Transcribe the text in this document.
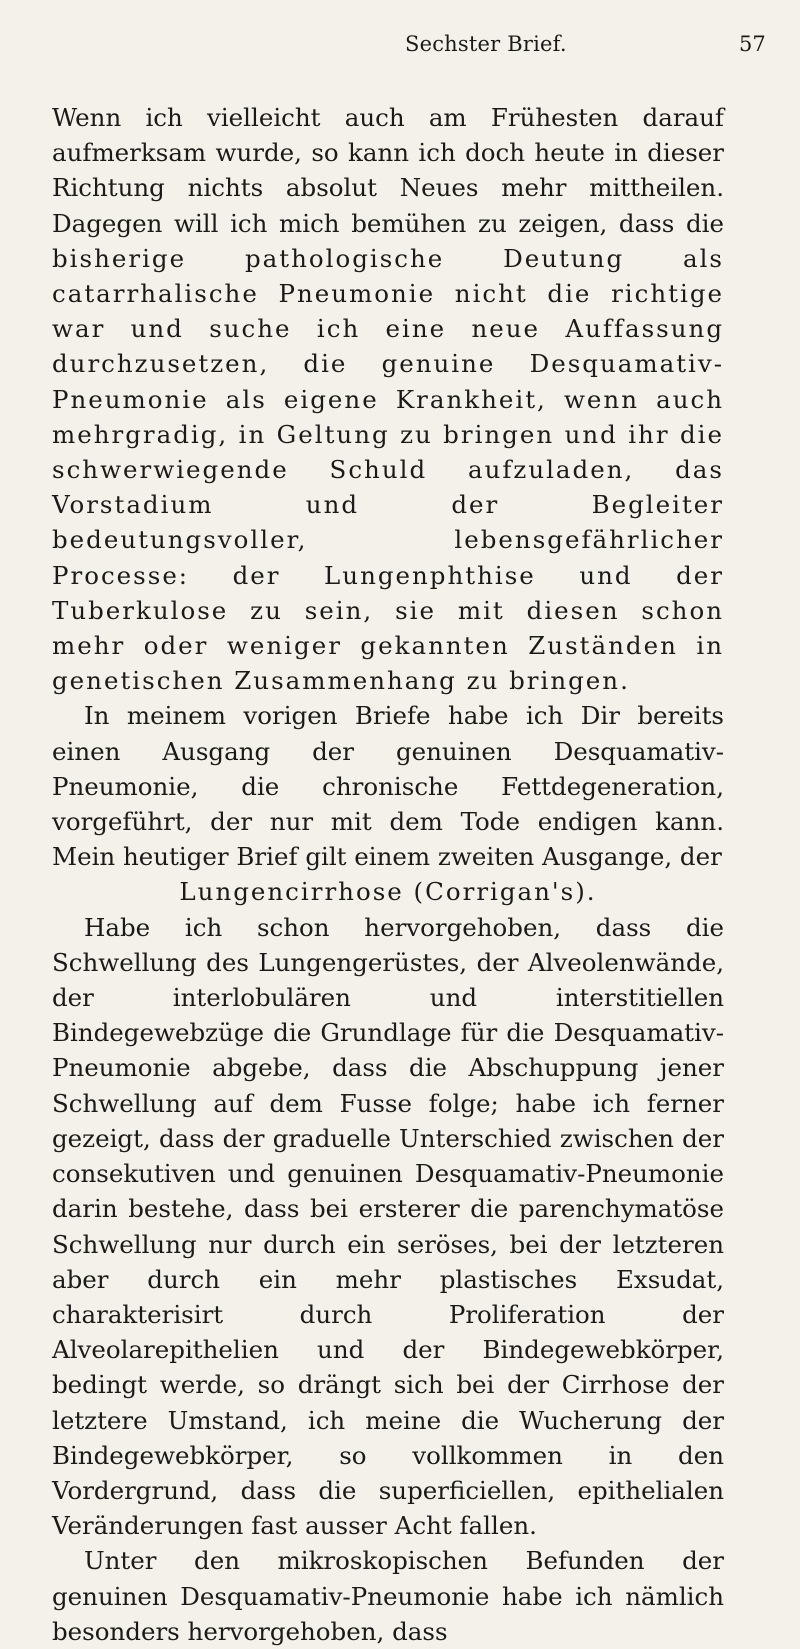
Sechster Brief.	57

Wenn ich vielleicht auch am Frühesten darauf aufmerksam wurde, so kann ich doch heute in dieser Richtung nichts absolut Neues mehr mittheilen. Dagegen will ich mich bemühen zu zeigen, dass die bisherige pathologische Deutung als catarrhalische Pneumonie nicht die richtige war und suche ich eine neue Auffassung durchzusetzen, die genuine Desquamativ-Pneumonie als eigene Krankheit, wenn auch mehrgradig, in Geltung zu bringen und ihr die schwerwiegende Schuld aufzuladen, das Vorstadium und der Begleiter bedeutungsvoller, lebensgefährlicher Processe: der Lungenphthise und der Tuberkulose zu sein, sie mit diesen schon mehr oder weniger gekannten Zuständen in genetischen Zusammenhang zu bringen.

In meinem vorigen Briefe habe ich Dir bereits einen Ausgang der genuinen Desquamativ-Pneumonie, die chronische Fettdegeneration, vorgeführt, der nur mit dem Tode endigen kann. Mein heutiger Brief gilt einem zweiten Ausgange, der
Lungencirrhose (Corrigan's).

Habe ich schon hervorgehoben, dass die Schwellung des Lungengerüstes, der Alveolenwände, der interlobulären und interstitiellen Bindegewebzüge die Grundlage für die Desquamativ-Pneumonie abgebe, dass die Abschuppung jener Schwellung auf dem Fusse folge; habe ich ferner gezeigt, dass der graduelle Unterschied zwischen der consekutiven und genuinen Desquamativ-Pneumonie darin bestehe, dass bei ersterer die parenchymatöse Schwellung nur durch ein seröses, bei der letzteren aber durch ein mehr plastisches Exsudat, charakterisirt durch Proliferation der Alveolarepithelien und der Bindegewebkörper, bedingt werde, so drängt sich bei der Cirrhose der letztere Umstand, ich meine die Wucherung der Bindegewebkörper, so vollkommen in den Vordergrund, dass die superficiellen, epithelialen Veränderungen fast ausser Acht fallen.

Unter den mikroskopischen Befunden der genuinen Desquamativ-Pneumonie habe ich nämlich besonders hervorgehoben, dass
